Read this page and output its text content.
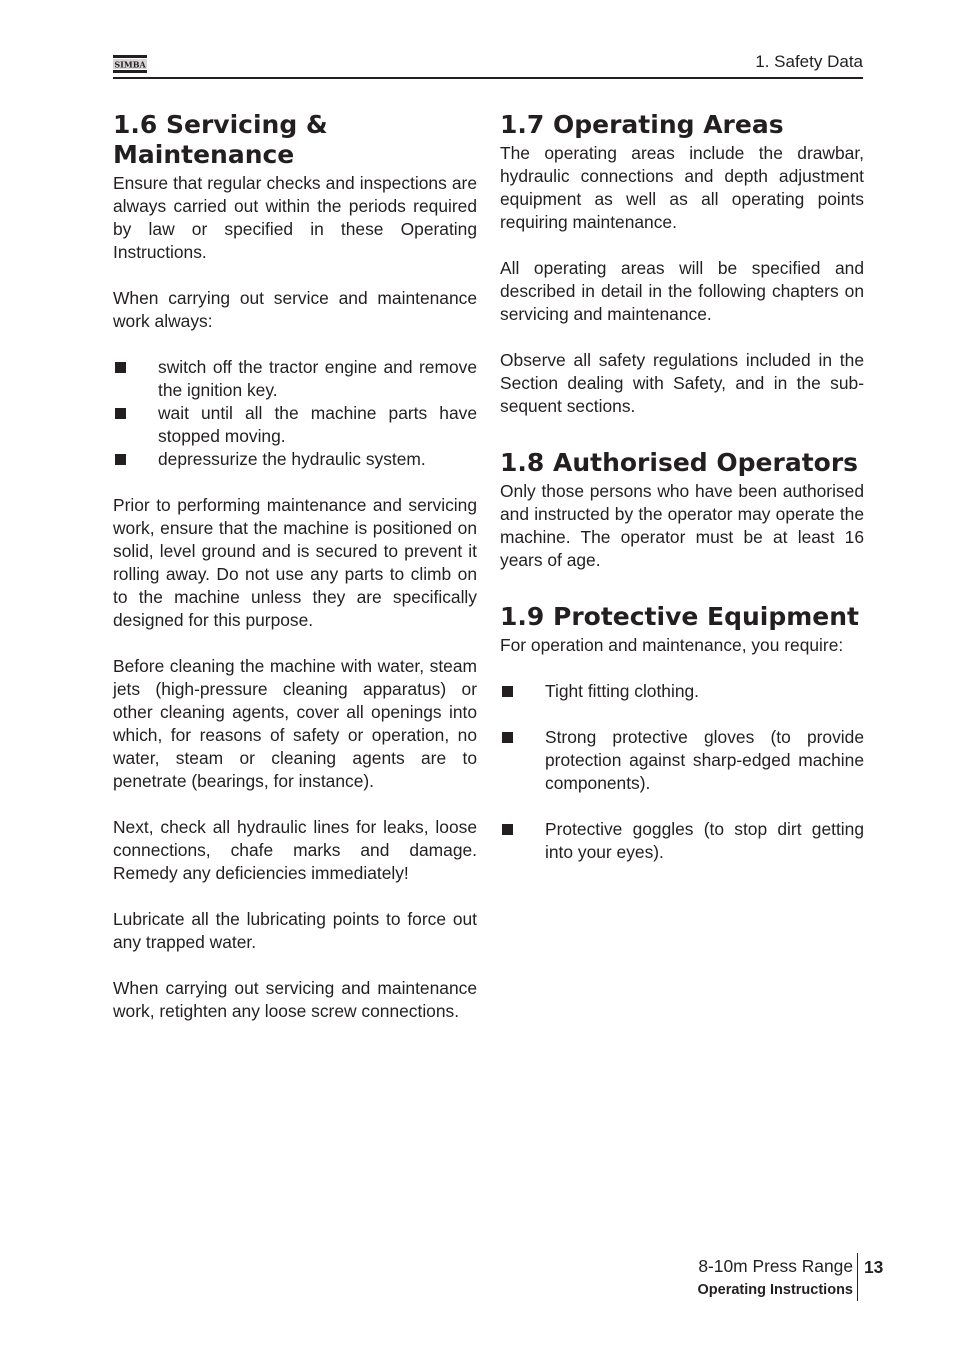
SIMBA	1. Safety Data
1.6 Servicing & Maintenance

Ensure that regular checks and inspections are always carried out within the periods required by law or specified in these Operating Instructions.

When carrying out service and maintenance work always:

switch off the tractor engine and remove the ignition key.
wait until all the machine parts have stopped moving.
depressurize the hydraulic system.

Prior to performing maintenance and servicing work, ensure that the machine is positioned on solid, level ground and is secured to prevent it rolling away. Do not use any parts to climb on to the machine unless they are specifically designed for this purpose.

Before cleaning the machine with water, steam jets (high-pressure cleaning apparatus) or other cleaning agents, cover all openings into which, for reasons of safety or operation, no water, steam or cleaning agents are to penetrate (bearings, for instance).

Next, check all hydraulic lines for leaks, loose connections, chafe marks and damage. Remedy any deficiencies immediately!

Lubricate all the lubricating points to force out any trapped water.

When carrying out servicing and maintenance work, retighten any loose screw connections.

1.7 Operating Areas

The operating areas include the drawbar, hydraulic connections and depth adjustment equipment as well as all operating points requiring maintenance.

All operating areas will be specified and described in detail in the following chapters on servicing and maintenance.

Observe all safety regulations included in the Section dealing with Safety, and in the sub-sequent sections.

1.8 Authorised Operators

Only those persons who have been authorised and instructed by the operator may operate the machine. The operator must be at least 16 years of age.

1.9 Protective Equipment

For operation and maintenance, you require:

Tight fitting clothing.
Strong protective gloves (to provide protection against sharp-edged machine components).
Protective goggles (to stop dirt getting into your eyes).
8-10m Press Range
Operating Instructions
13
